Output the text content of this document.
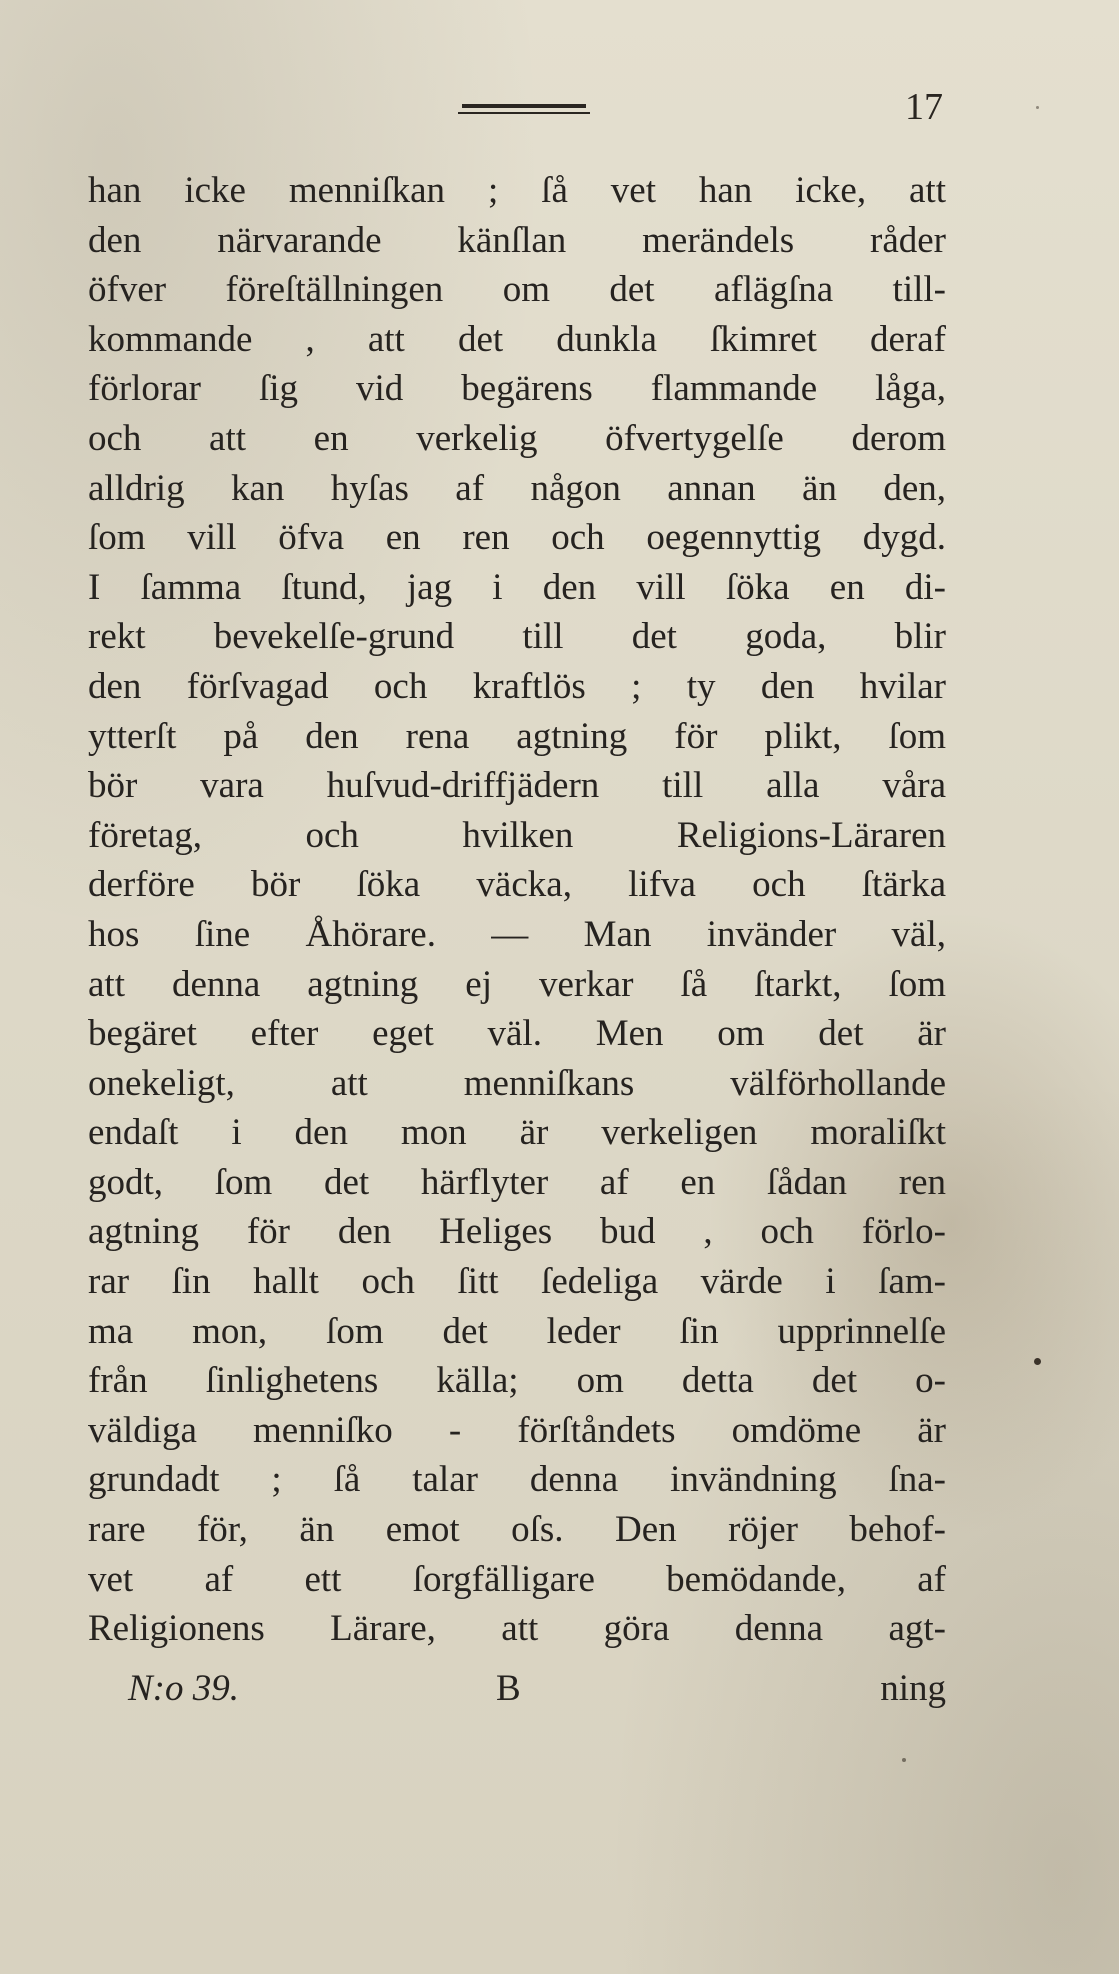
17
han icke menniſkan ; ſå vet han icke, att
den närvarande känſlan merändels råder
öfver föreſtällningen om det aflägſna till-
kommande , att det dunkla ſkimret deraf
förlorar ſig vid begärens flammande låga,
och att en verkelig öfvertygelſe derom
alldrig kan hyſas af någon annan än den,
ſom vill öfva en ren och oegennyttig dygd.
I ſamma ſtund, jag i den vill ſöka en di-
rekt bevekelſe-grund till det goda, blir
den förſvagad och kraftlös ; ty den hvilar
ytterſt på den rena agtning för plikt, ſom
bör vara huſvud-driffjädern till alla våra
företag, och hvilken Religions-Läraren
derföre bör ſöka väcka, lifva och ſtärka
hos ſine Åhörare. — Man invänder väl,
att denna agtning ej verkar ſå ſtarkt, ſom
begäret efter eget väl. Men om det är
onekeligt, att menniſkans välförhollande
endaſt i den mon är verkeligen moraliſkt
godt, ſom det härflyter af en ſådan ren
agtning för den Heliges bud , och förlo-
rar ſin hallt och ſitt ſedeliga värde i ſam-
ma mon, ſom det leder ſin upprinnelſe
från ſinlighetens källa; om detta det o-
väldiga menniſko - förſtåndets omdöme är
grundadt ; ſå talar denna invändning ſna-
rare för, än emot oſs. Den röjer behof-
vet af ett ſorgfälligare bemödande, af
Religionens Lärare, att göra denna agt-
N:o 39.	B	ning
